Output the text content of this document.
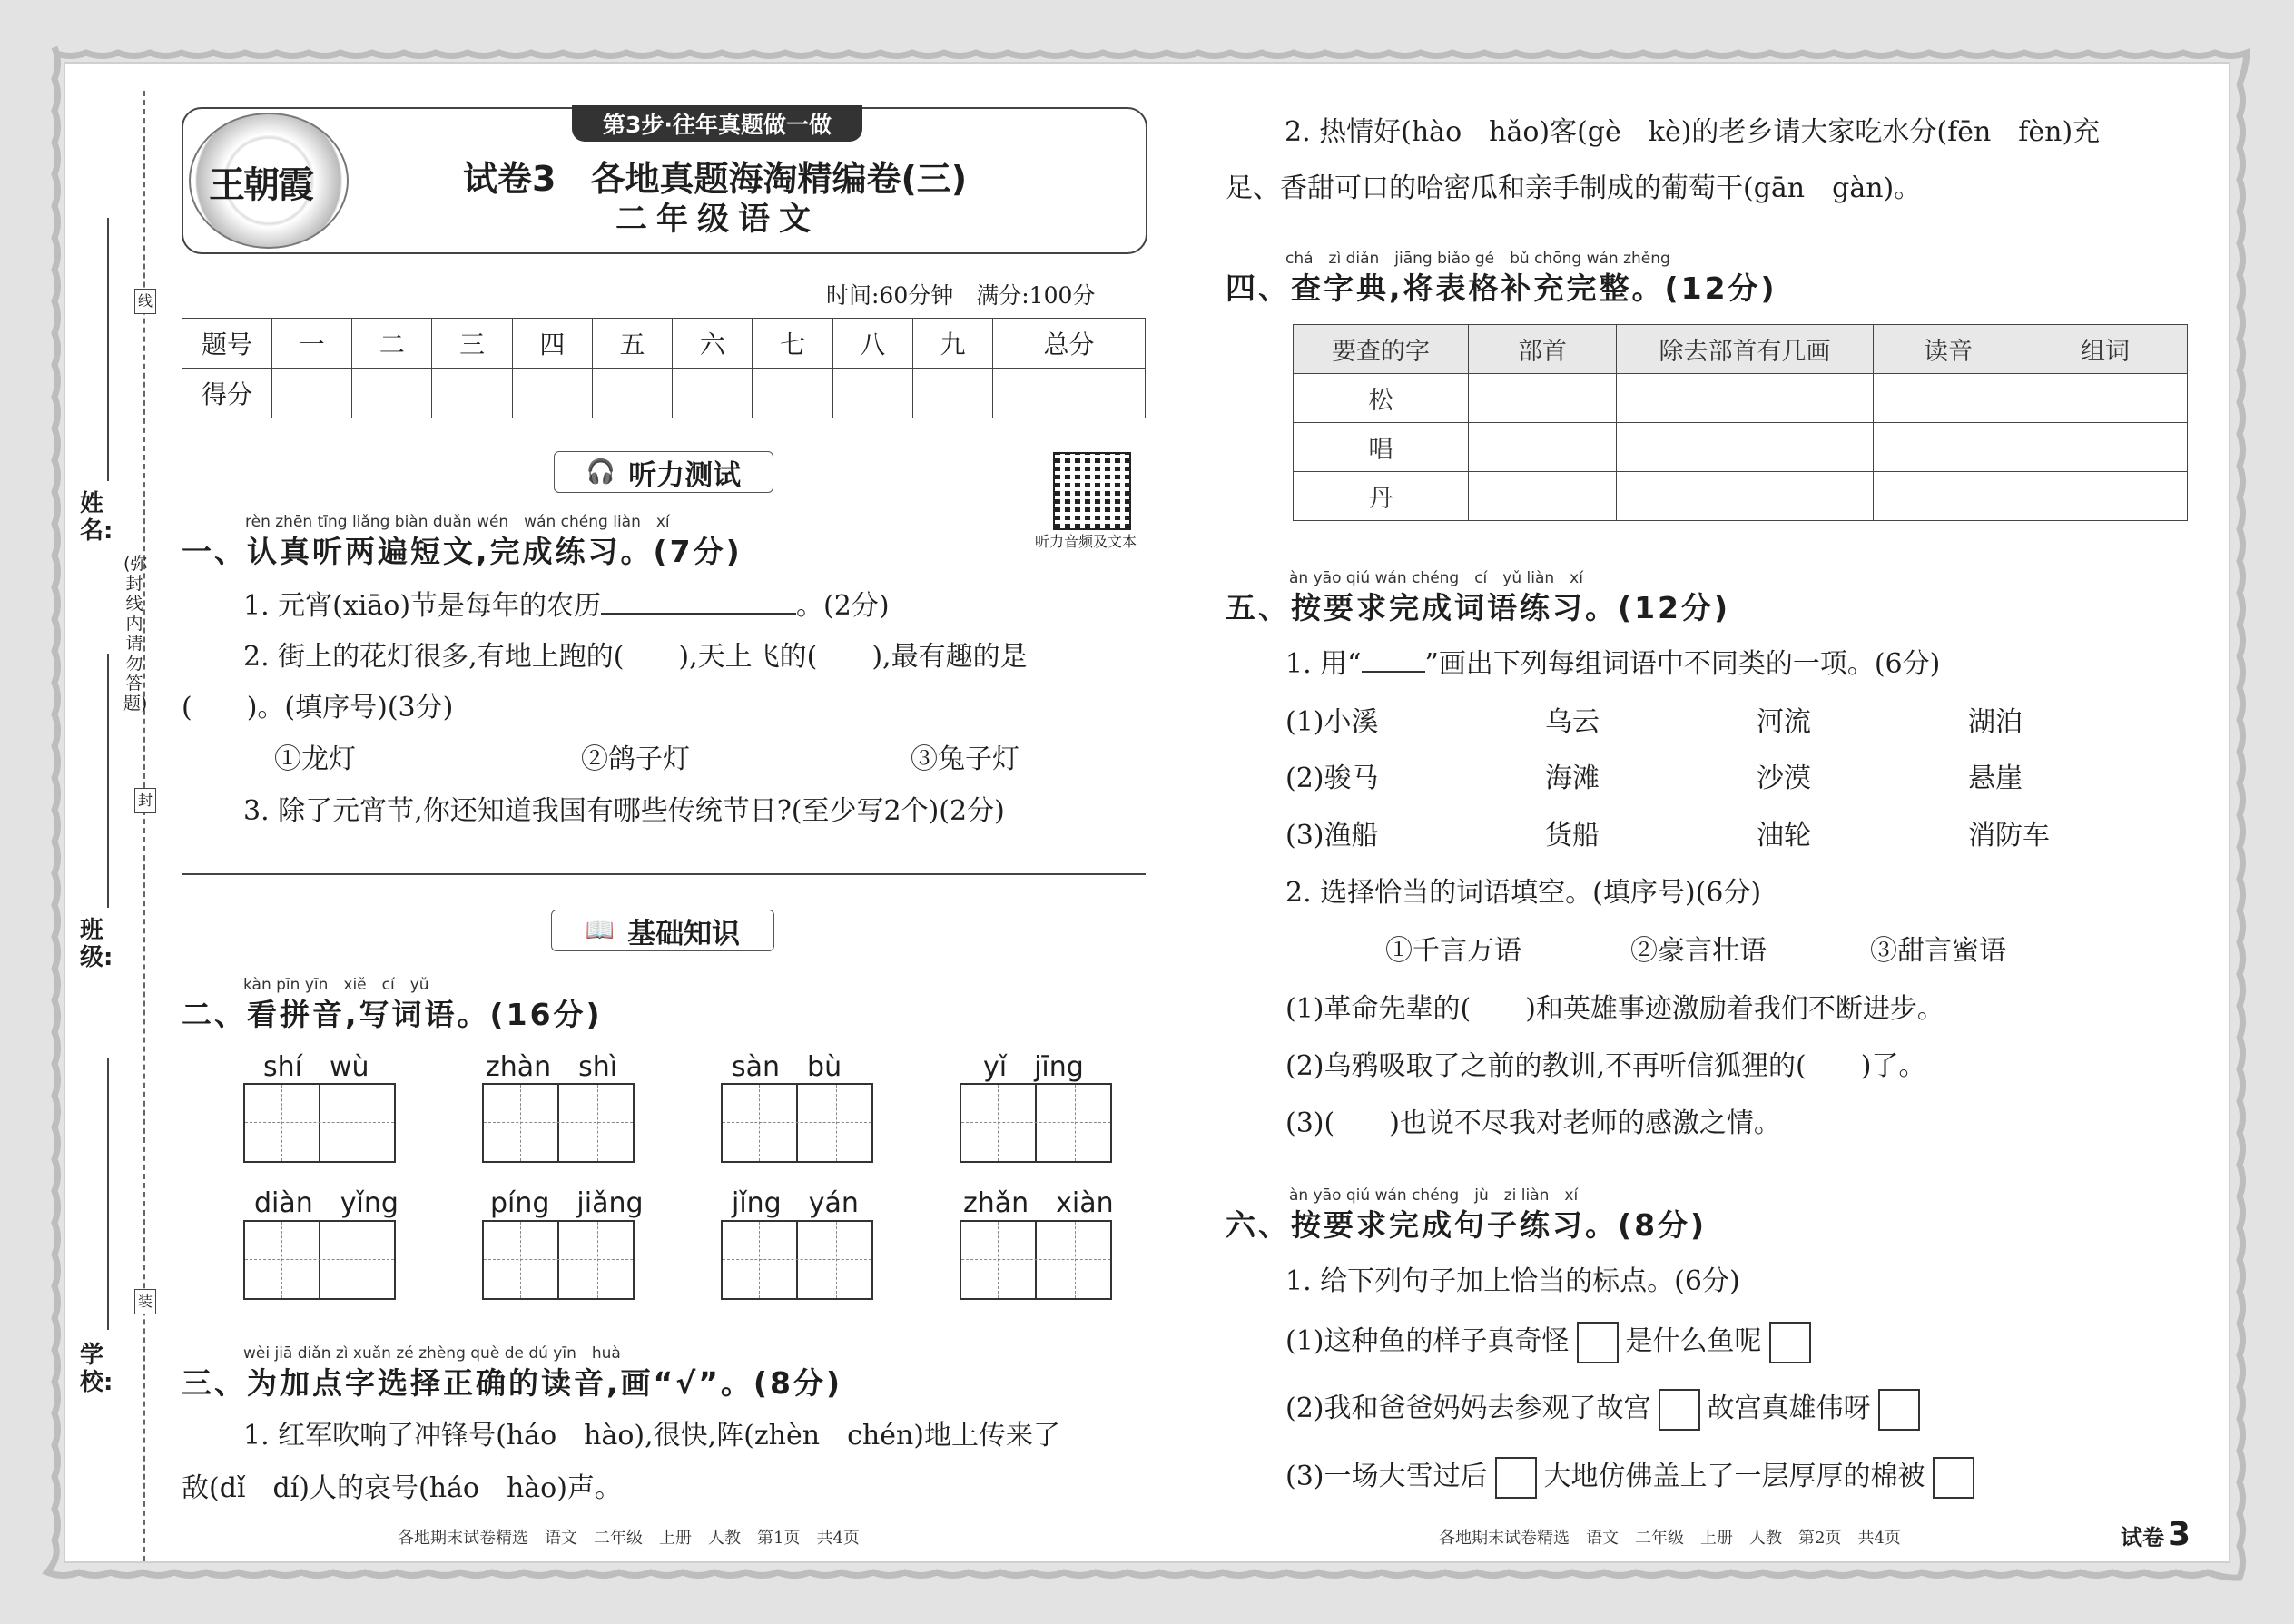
线
封
装
(弥封线内请勿答题)
姓名:
班级:
学校:
第3步·往年真题做一做
王朝霞	试卷3　各地真题海淘精编卷(三)
二年级语文
时间:60分钟　满分:100分
题号	一	二	三	四	五	六	七	八	九	总分
得分										
🎧 听力测试
听力音频及文本
rèn zhēn tīng liǎng biàn duǎn wén　wán chéng liàn　xí
一、认真听两遍短文,完成练习。(7分)
1. 元宵(xiāo)节是每年的农历	。(2分)
2. 街上的花灯很多,有地上跑的(　　),天上飞的(　　),最有趣的是
(　　)。(填序号)(3分)
①龙灯	②鸽子灯	③兔子灯
3. 除了元宵节,你还知道我国有哪些传统节日?(至少写2个)(2分)
📖 基础知识
kàn pīn yīn　xiě　cí　yǔ
二、看拼音,写词语。(16分)
shí　wù	zhàn　shì	sàn　bù	yǐ　jīng
diàn　yǐng	píng　jiǎng	jǐng　yán	zhǎn　xiàn
wèi jiā diǎn zì xuǎn zé zhèng què de dú yīn　huà
三、为加点字选择正确的读音,画“√”。(8分)
1. 红军吹响了冲锋号(háo　hào),很快,阵(zhèn　chén)地上传来了
敌(dǐ　dí)人的哀号(háo　hào)声。
各地期末试卷精选　语文　二年级　上册　人教　第1页　共4页
2. 热情好(hào　hǎo)客(gè　kè)的老乡请大家吃水分(fēn　fèn)充
足、香甜可口的哈密瓜和亲手制成的葡萄干(gān　gàn)。
chá　zì diǎn　jiāng biǎo gé　bǔ chōng wán zhěng
四、查字典,将表格补充完整。(12分)
要查的字	部首	除去部首有几画	读音	组词
松				
唱				
丹				
àn yāo qiú wán chéng　cí　yǔ liàn　xí
五、按要求完成词语练习。(12分)
1. 用“ ”画出下列每组词语中不同类的一项。(6分)
(1)小溪	乌云	河流	湖泊
(2)骏马	海滩	沙漠	悬崖
(3)渔船	货船	油轮	消防车
2. 选择恰当的词语填空。(填序号)(6分)
①千言万语	②豪言壮语	③甜言蜜语
(1)革命先辈的(　　)和英雄事迹激励着我们不断进步。
(2)乌鸦吸取了之前的教训,不再听信狐狸的(　　)了。
(3)(　　)也说不尽我对老师的感激之情。
àn yāo qiú wán chéng　jù　zi liàn　xí
六、按要求完成句子练习。(8分)
1. 给下列句子加上恰当的标点。(6分)
(1)这种鱼的样子真奇怪 是什么鱼呢
(2)我和爸爸妈妈去参观了故宫 故宫真雄伟呀
(3)一场大雪过后 大地仿佛盖上了一层厚厚的棉被
各地期末试卷精选　语文　二年级　上册　人教　第2页　共4页	试卷 3
